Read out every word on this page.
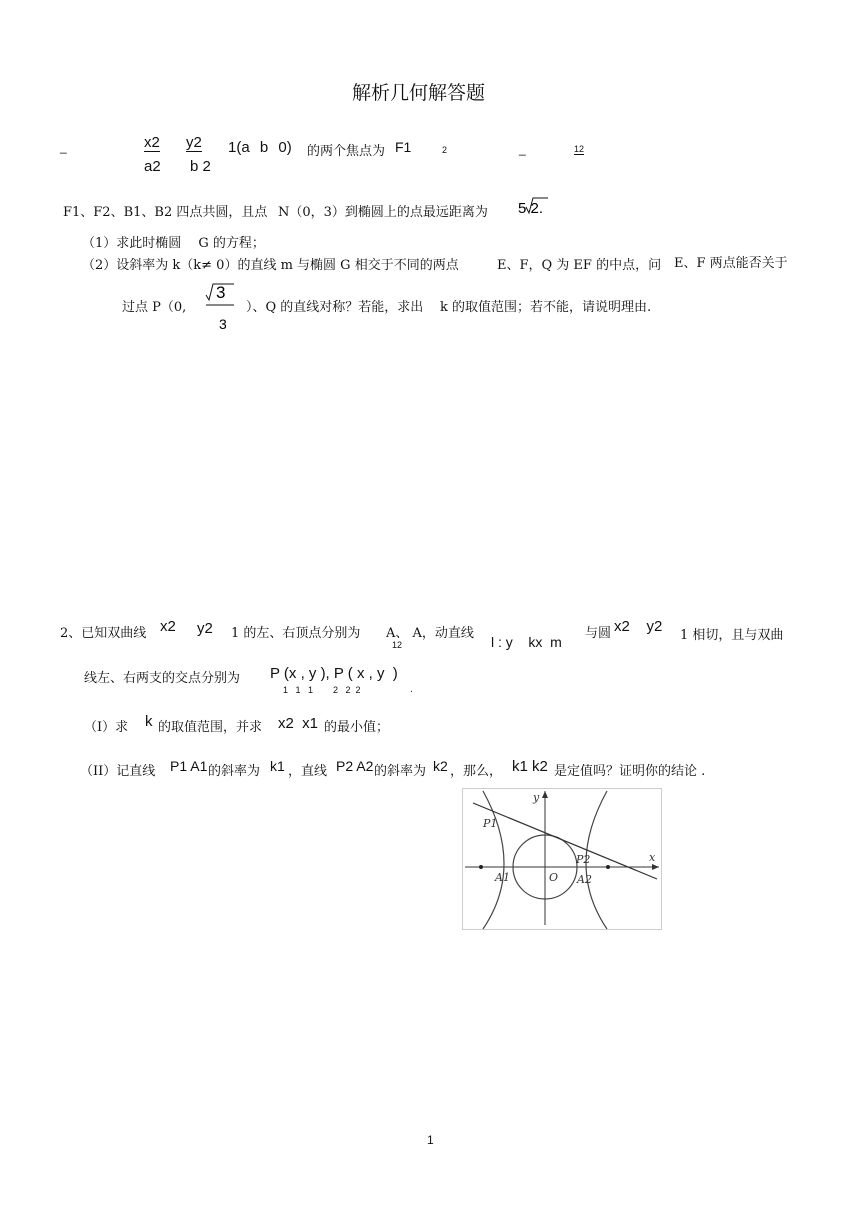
解析几何解答题
_	x2
a2
y2
b 2
1(a b 0) 的两个焦点为 F1	2	_	12
F1、F2、B1、B2 四点共圆，且点 N（0，3）到椭圆上的点最远距离为 5 2.
（1）求此时椭圆　 G 的方程；
（2）设斜率为 k（k≠ 0）的直线 m 与椭圆 G 相交于不同的两点	E、F，Q 为 EF 的中点，问 E、F 两点能否关于
过点 P（0,
3
3
）、Q 的直线对称？若能，求出 k 的取值范围；若不能，请说明理由.
2、已知双曲线 x2 y2 1 的左、右顶点分别为 A、 A，动直线
12	l : y    kx  m
与圆 x2    y2
1 相切，且与双曲
线左、右两支的交点分别为 P (x , y ), P ( x , y  )
1   1   1        2   2  2	.
（I）求 k 的取值范围，并求 x2  x1 的最小值；
（II）记直线 P1 A1 的斜率为 k1 ，直线 P2 A2 的斜率为 k2 ，那么， k1 k2 是定值吗？证明你的结论 .
y
x
P1
P2
A1	A2
O
1
